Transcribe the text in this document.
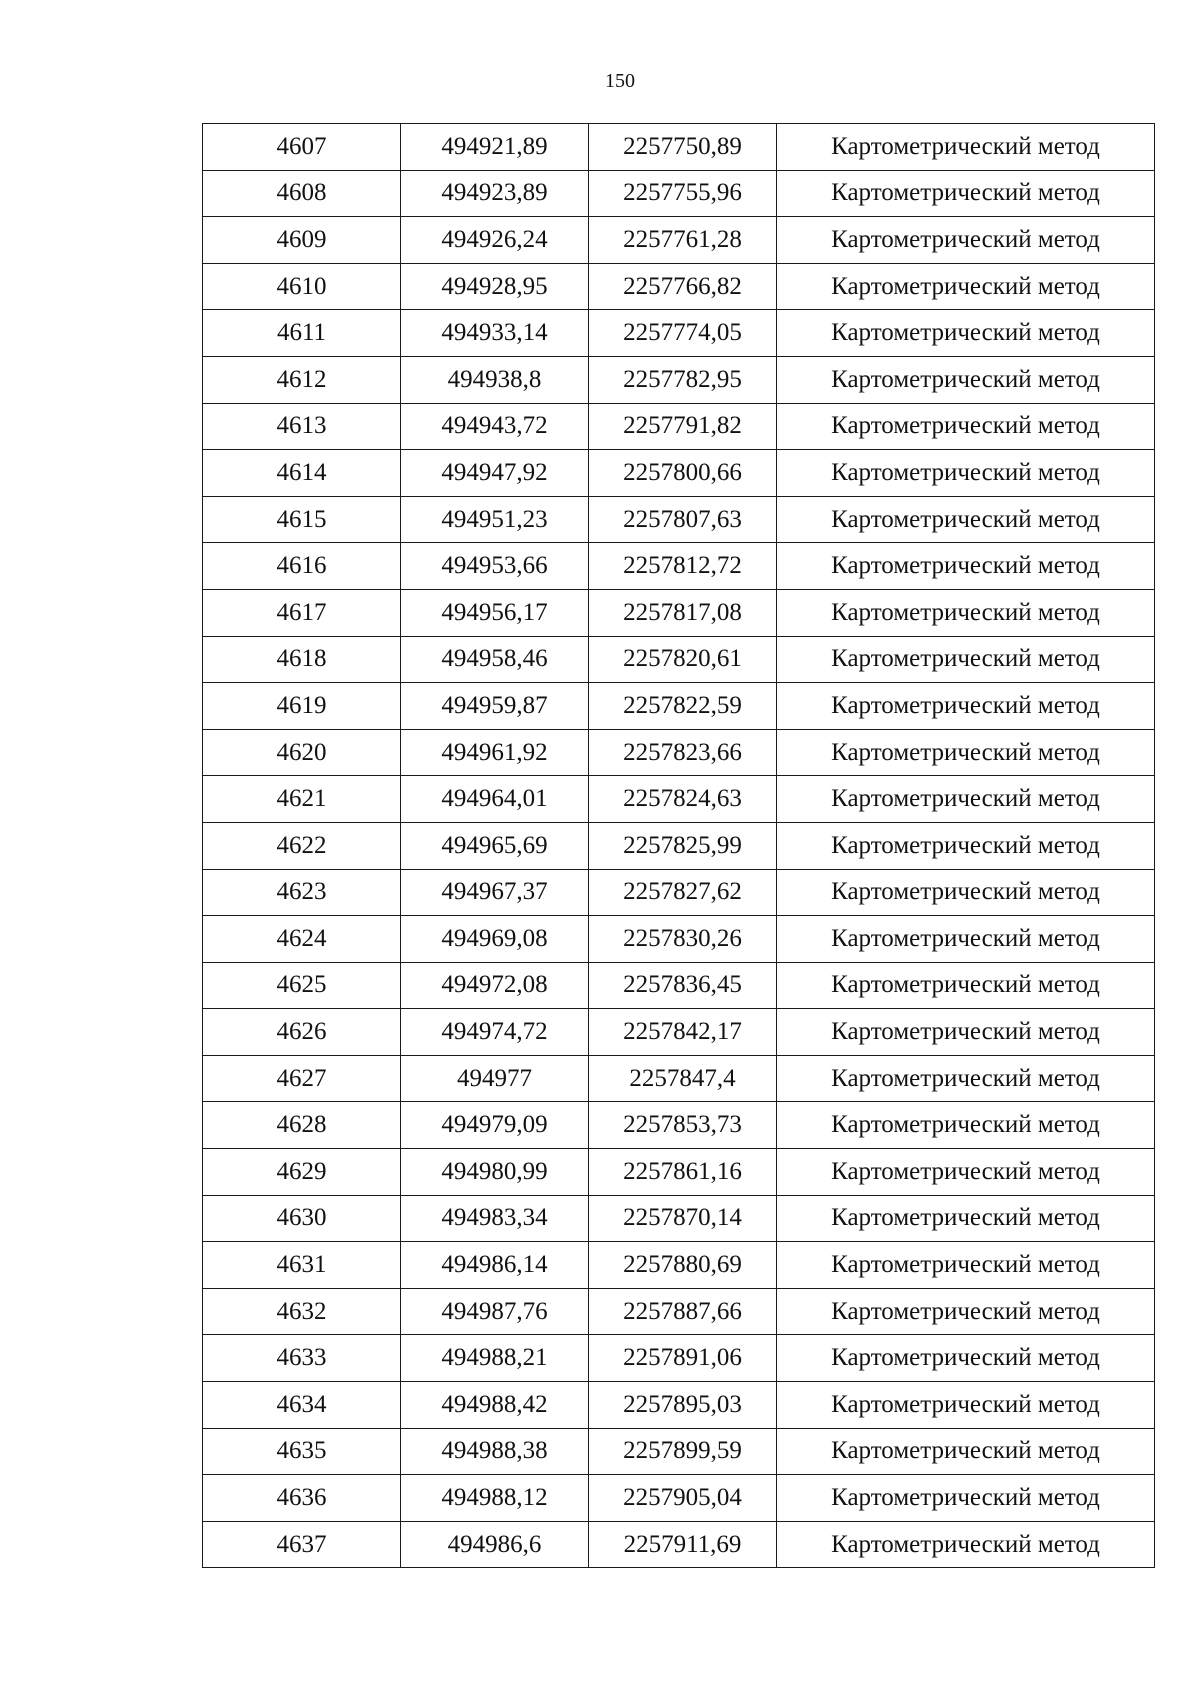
150
4607	494921,89	2257750,89	Картометрический метод
4608	494923,89	2257755,96	Картометрический метод
4609	494926,24	2257761,28	Картометрический метод
4610	494928,95	2257766,82	Картометрический метод
4611	494933,14	2257774,05	Картометрический метод
4612	494938,8	2257782,95	Картометрический метод
4613	494943,72	2257791,82	Картометрический метод
4614	494947,92	2257800,66	Картометрический метод
4615	494951,23	2257807,63	Картометрический метод
4616	494953,66	2257812,72	Картометрический метод
4617	494956,17	2257817,08	Картометрический метод
4618	494958,46	2257820,61	Картометрический метод
4619	494959,87	2257822,59	Картометрический метод
4620	494961,92	2257823,66	Картометрический метод
4621	494964,01	2257824,63	Картометрический метод
4622	494965,69	2257825,99	Картометрический метод
4623	494967,37	2257827,62	Картометрический метод
4624	494969,08	2257830,26	Картометрический метод
4625	494972,08	2257836,45	Картометрический метод
4626	494974,72	2257842,17	Картометрический метод
4627	494977	2257847,4	Картометрический метод
4628	494979,09	2257853,73	Картометрический метод
4629	494980,99	2257861,16	Картометрический метод
4630	494983,34	2257870,14	Картометрический метод
4631	494986,14	2257880,69	Картометрический метод
4632	494987,76	2257887,66	Картометрический метод
4633	494988,21	2257891,06	Картометрический метод
4634	494988,42	2257895,03	Картометрический метод
4635	494988,38	2257899,59	Картометрический метод
4636	494988,12	2257905,04	Картометрический метод
4637	494986,6	2257911,69	Картометрический метод
